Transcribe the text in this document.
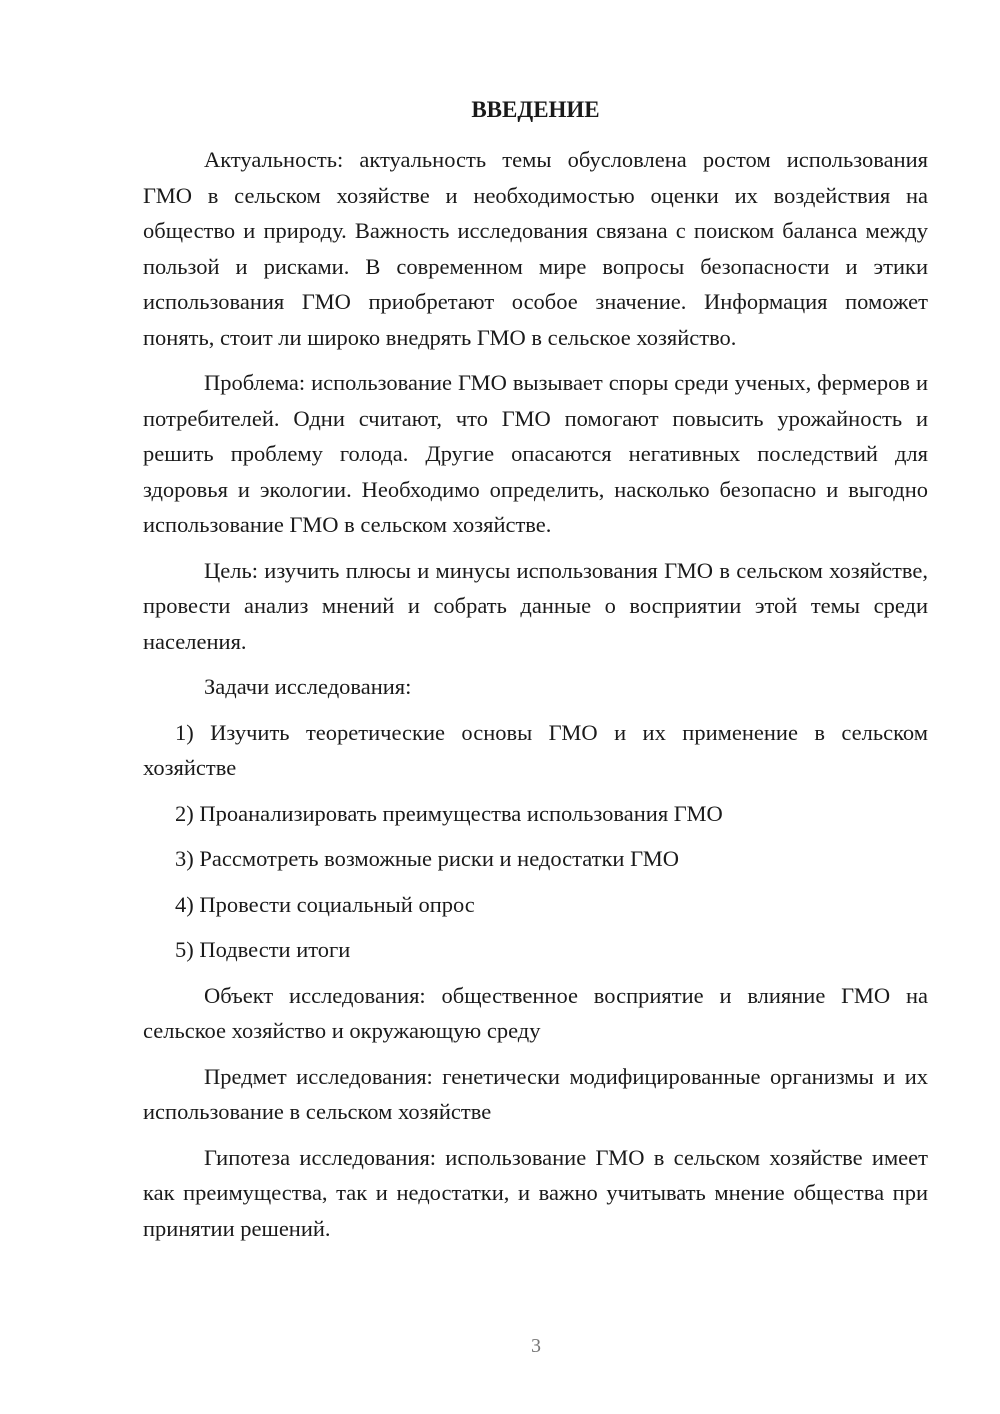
ВВЕДЕНИЕ

Актуальность: актуальность темы обусловлена ростом использования ГМО в сельском хозяйстве и необходимостью оценки их воздействия на общество и природу. Важность исследования связана с поиском баланса между пользой и рисками. В современном мире вопросы безопасности и этики использования ГМО приобретают особое значение. Информация поможет понять, стоит ли широко внедрять ГМО в сельское хозяйство.

Проблема: использование ГМО вызывает споры среди ученых, фермеров и потребителей. Одни считают, что ГМО помогают повысить урожайность и решить проблему голода. Другие опасаются негативных последствий для здоровья и экологии. Необходимо определить, насколько безопасно и выгодно использование ГМО в сельском хозяйстве.

Цель: изучить плюсы и минусы использования ГМО в сельском хозяйстве, провести анализ мнений и собрать данные о восприятии этой темы среди населения.

Задачи исследования:

1) Изучить теоретические основы ГМО и их применение в сельском хозяйстве

2) Проанализировать преимущества использования ГМО

3) Рассмотреть возможные риски и недостатки ГМО

4) Провести социальный опрос

5) Подвести итоги

Объект исследования: общественное восприятие и влияние ГМО на сельское хозяйство и окружающую среду

Предмет исследования: генетически модифицированные организмы и их использование в сельском хозяйстве

Гипотеза исследования: использование ГМО в сельском хозяйстве имеет как преимущества, так и недостатки, и важно учитывать мнение общества при принятии решений.

3
